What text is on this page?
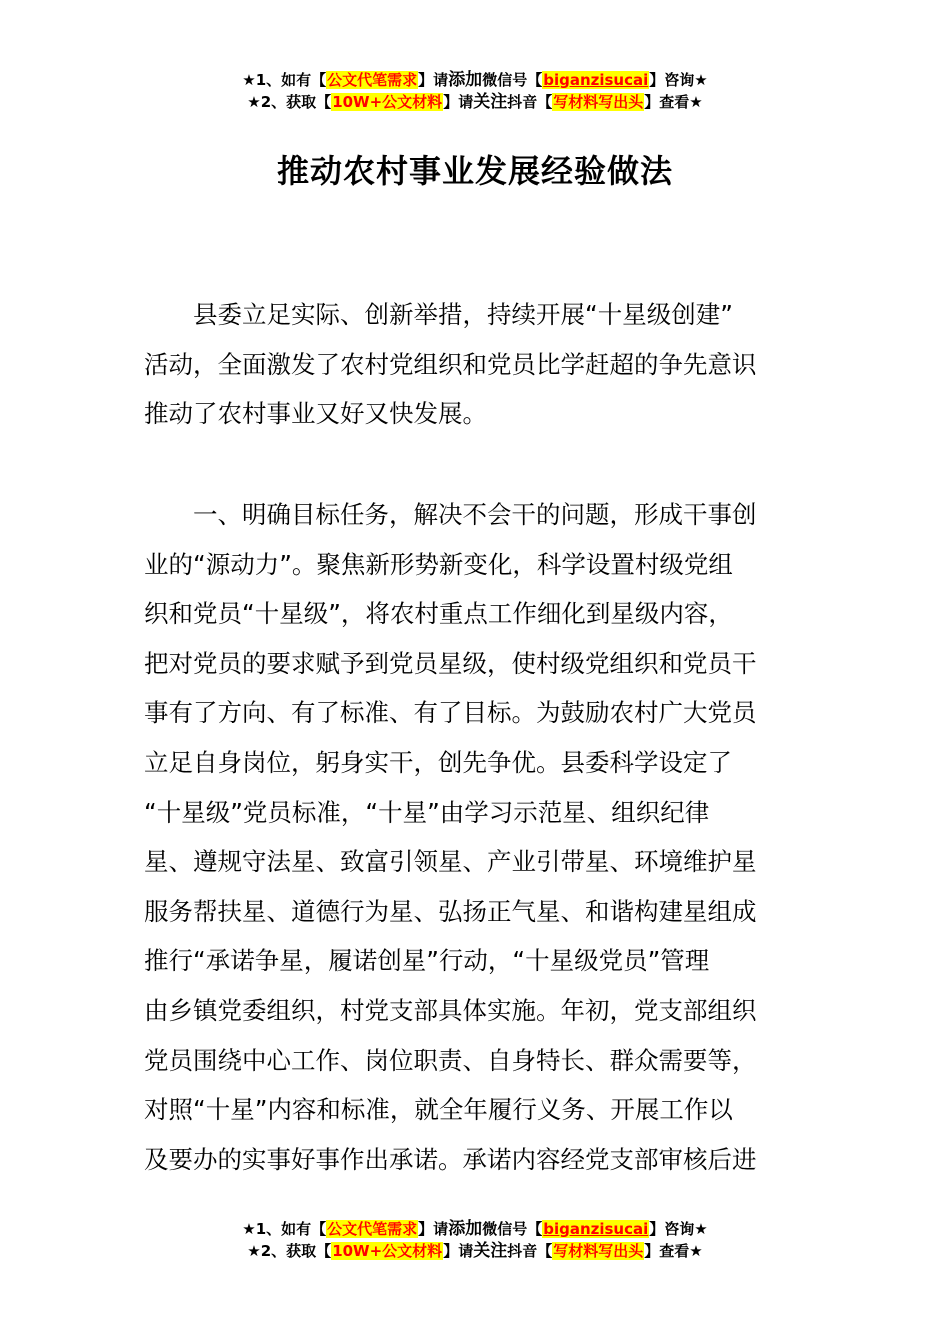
★1、如有【公文代笔需求】请添加微信号【biganzisucai】咨询★
★2、获取【10W+公文材料】请关注抖音【写材料写出头】查看★
推动农村事业发展经验做法
　　县委立足实际、创新举措，持续开展“十星级创建”
活动，全面激发了农村党组织和党员比学赶超的争先意识
推动了农村事业又好又快发展。
　　一、明确目标任务，解决不会干的问题，形成干事创
业的“源动力”。聚焦新形势新变化，科学设置村级党组
织和党员“十星级”，将农村重点工作细化到星级内容，
把对党员的要求赋予到党员星级，使村级党组织和党员干
事有了方向、有了标准、有了目标。为鼓励农村广大党员
立足自身岗位，躬身实干，创先争优。县委科学设定了
“十星级”党员标准，“十星”由学习示范星、组织纪律
星、遵规守法星、致富引领星、产业引带星、环境维护星
服务帮扶星、道德行为星、弘扬正气星、和谐构建星组成
推行“承诺争星，履诺创星”行动，“十星级党员”管理
由乡镇党委组织，村党支部具体实施。年初，党支部组织
党员围绕中心工作、岗位职责、自身特长、群众需要等，
对照“十星”内容和标准，就全年履行义务、开展工作以
及要办的实事好事作出承诺。承诺内容经党支部审核后进
★1、如有【公文代笔需求】请添加微信号【biganzisucai】咨询★
★2、获取【10W+公文材料】请关注抖音【写材料写出头】查看★
